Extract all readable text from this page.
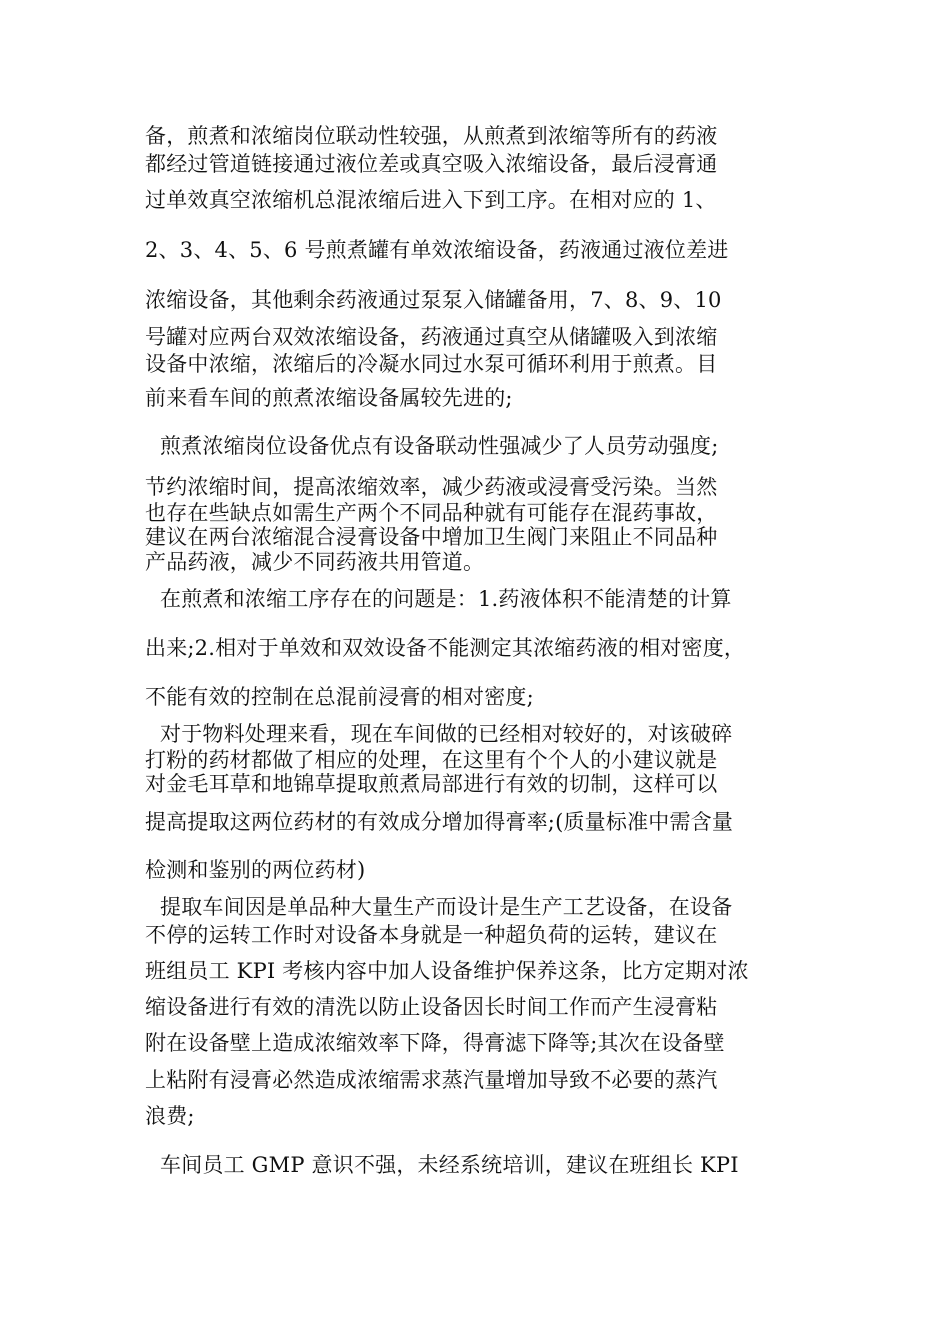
备，煎煮和浓缩岗位联动性较强，从煎煮到浓缩等所有的药液
都经过管道链接通过液位差或真空吸入浓缩设备，最后浸膏通
过单效真空浓缩机总混浓缩后进入下到工序。在相对应的 1、
2、3、4、5、6 号煎煮罐有单效浓缩设备，药液通过液位差进
浓缩设备，其他剩余药液通过泵泵入储罐备用，7、8、9、10
号罐对应两台双效浓缩设备，药液通过真空从储罐吸入到浓缩
设备中浓缩，浓缩后的冷凝水同过水泵可循环利用于煎煮。目
前来看车间的煎煮浓缩设备属较先进的;
煎煮浓缩岗位设备优点有设备联动性强减少了人员劳动强度;
节约浓缩时间，提高浓缩效率，减少药液或浸膏受污染。当然
也存在些缺点如需生产两个不同品种就有可能存在混药事故，
建议在两台浓缩混合浸膏设备中增加卫生阀门来阻止不同品种
产品药液，减少不同药液共用管道。
在煎煮和浓缩工序存在的问题是：1.药液体积不能清楚的计算
出来;2.相对于单效和双效设备不能测定其浓缩药液的相对密度，
不能有效的控制在总混前浸膏的相对密度;
对于物料处理来看，现在车间做的已经相对较好的，对该破碎
打粉的药材都做了相应的处理，在这里有个个人的小建议就是
对金毛耳草和地锦草提取煎煮局部进行有效的切制，这样可以
提高提取这两位药材的有效成分增加得膏率;(质量标准中需含量
检测和鉴别的两位药材)
提取车间因是单品种大量生产而设计是生产工艺设备，在设备
不停的运转工作时对设备本身就是一种超负荷的运转，建议在
班组员工 KPI 考核内容中加人设备维护保养这条，比方定期对浓
缩设备进行有效的清洗以防止设备因长时间工作而产生浸膏粘
附在设备壁上造成浓缩效率下降，得膏滤下降等;其次在设备壁
上粘附有浸膏必然造成浓缩需求蒸汽量增加导致不必要的蒸汽
浪费;
车间员工 GMP 意识不强，未经系统培训，建议在班组长 KPI
